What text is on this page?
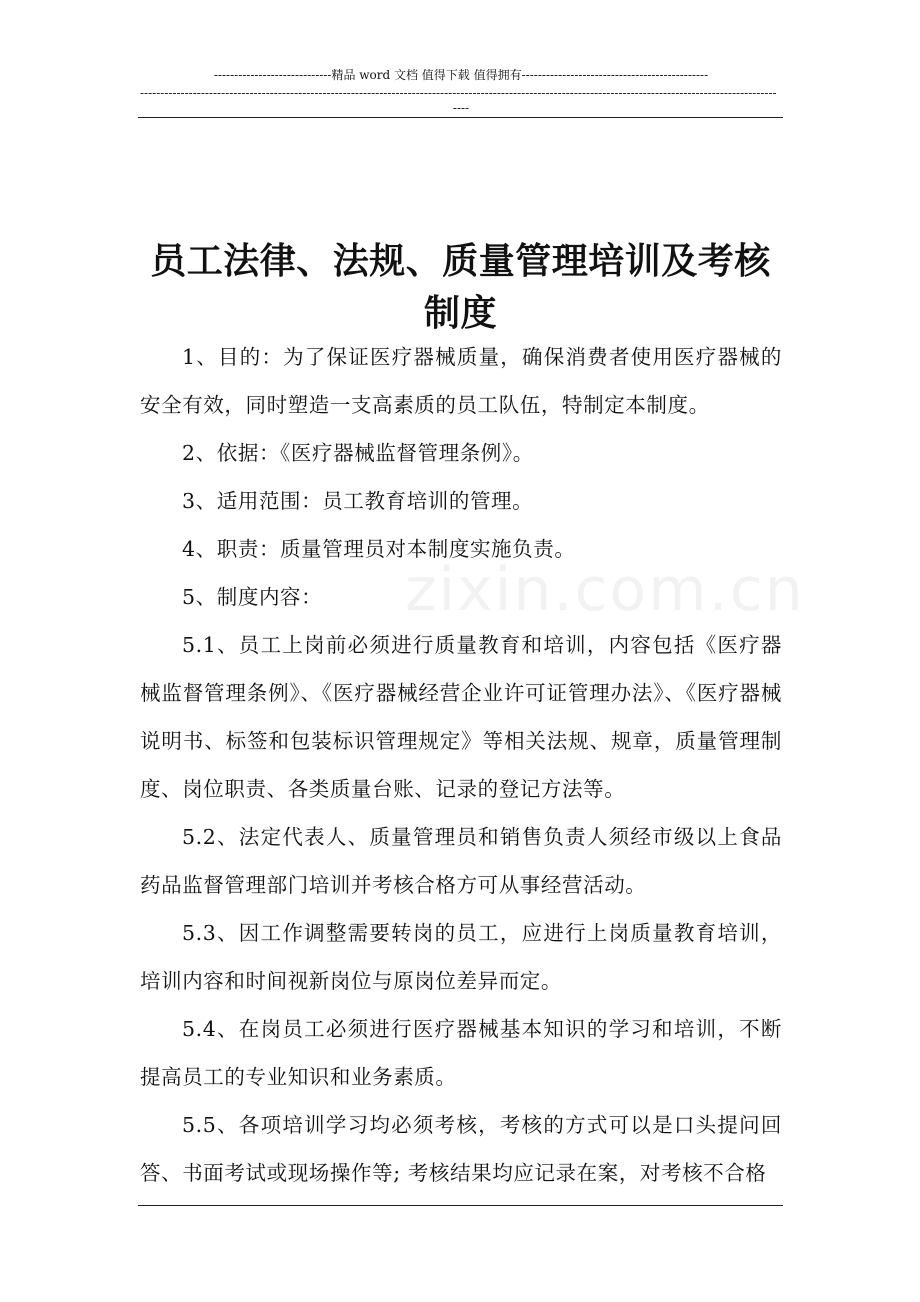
-----------------------------精品 word 文档 值得下载 值得拥有----------------------------------------------
-------------------------------------------------------------------------------------------------------------------------------------------------------------
----
员工法律、法规、质量管理培训及考核制度
zixin.com.cn

1、目的：为了保证医疗器械质量，确保消费者使用医疗器械的安全有效，同时塑造一支高素质的员工队伍，特制定本制度。

2、依据：《医疗器械监督管理条例》。

3、适用范围：员工教育培训的管理。

4、职责：质量管理员对本制度实施负责。

5、制度内容：

5.1、员工上岗前必须进行质量教育和培训，内容包括《医疗器械监督管理条例》、《医疗器械经营企业许可证管理办法》、《医疗器械说明书、标签和包装标识管理规定》等相关法规、规章，质量管理制度、岗位职责、各类质量台账、记录的登记方法等。

5.2、法定代表人、质量管理员和销售负责人须经市级以上食品药品监督管理部门培训并考核合格方可从事经营活动。

5.3、因工作调整需要转岗的员工，应进行上岗质量教育培训，培训内容和时间视新岗位与原岗位差异而定。

5.4、在岗员工必须进行医疗器械基本知识的学习和培训，不断提高员工的专业知识和业务素质。

5.5、各项培训学习均必须考核，考核的方式可以是口头提问回答、书面考试或现场操作等; 考核结果均应记录在案，对考核不合格
